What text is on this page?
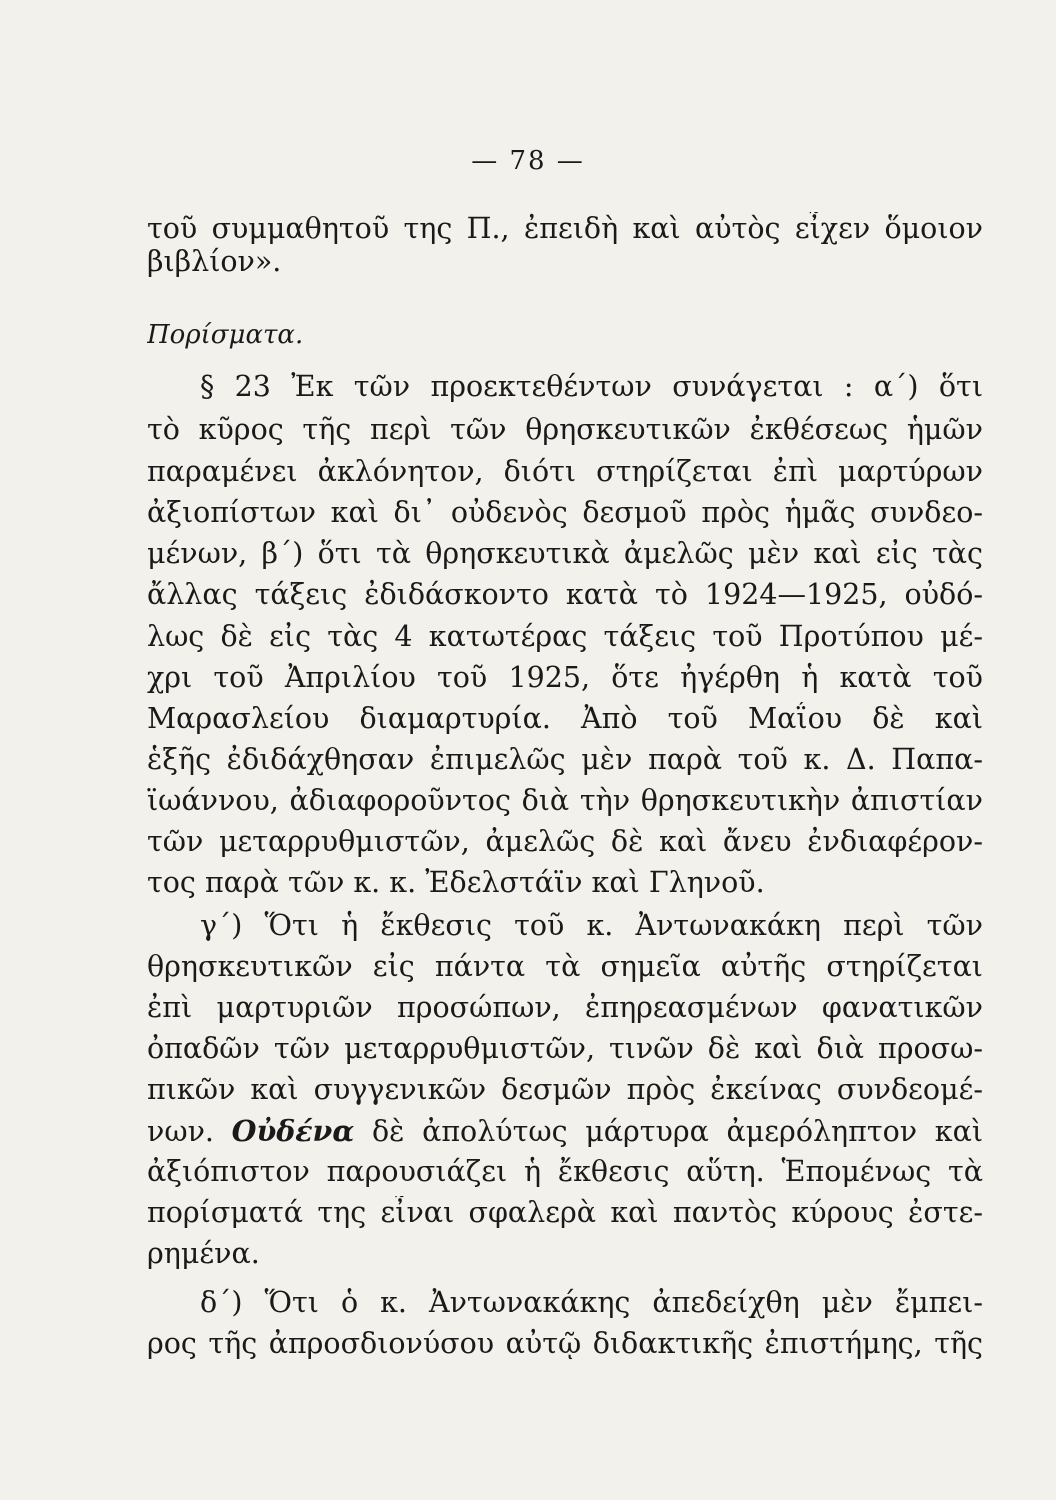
— 78 —
τοῦ συμμαθητοῦ της Π., ἐπειδὴ καὶ αὐτὸς εἶχεν ὅμοιον
βιβλίον».
Πορίσματα.
§ 23 Ἐκ τῶν προεκτεθέντων συνάγεται : α΄) ὅτι
τὸ κῦρος τῆς περὶ τῶν θρησκευτικῶν ἐκθέσεως ἡμῶν
παραμένει ἀκλόνητον, διότι στηρίζεται ἐπὶ μαρτύρων
ἀξιοπίστων καὶ δι᾽ οὐδενὸς δεσμοῦ πρὸς ἡμᾶς συνδεο-
μένων, β΄) ὅτι τὰ θρησκευτικὰ ἀμελῶς μὲν καὶ εἰς τὰς
ἄλλας τάξεις ἐδιδάσκοντο κατὰ τὸ 1924—1925, οὐδό-
λως δὲ εἰς τὰς 4 κατωτέρας τάξεις τοῦ Προτύπου μέ-
χρι τοῦ Ἀπριλίου τοῦ 1925, ὅτε ἠγέρθη ἡ κατὰ τοῦ
Μαρασλείου διαμαρτυρία. Ἀπὸ τοῦ Μαΐου δὲ καὶ
ἑξῆς ἐδιδάχθησαν ἐπιμελῶς μὲν παρὰ τοῦ κ. Δ. Παπα-
ϊωάννου, ἀδιαφοροῦντος διὰ τὴν θρησκευτικὴν ἀπιστίαν
τῶν μεταρρυθμιστῶν, ἀμελῶς δὲ καὶ ἄνευ ἐνδιαφέρον-
τος παρὰ τῶν κ. κ. Ἐδελστάϊν καὶ Γληνοῦ.
γ΄) Ὅτι ἡ ἔκθεσις τοῦ κ. Ἀντωνακάκη περὶ τῶν
θρησκευτικῶν εἰς πάντα τὰ σημεῖα αὐτῆς στηρίζεται
ἐπὶ μαρτυριῶν προσώπων, ἐπηρεασμένων φανατικῶν
ὀπαδῶν τῶν μεταρρυθμιστῶν, τινῶν δὲ καὶ διὰ προσω-
πικῶν καὶ συγγενικῶν δεσμῶν πρὸς ἐκείνας συνδεομέ-
νων. Οὐδένα δὲ ἀπολύτως μάρτυρα ἀμερόληπτον καὶ
ἀξιόπιστον παρουσιάζει ἡ ἔκθεσις αὕτη. Ἑπομένως τὰ
πορίσματά της εἶναι σφαλερὰ καὶ παντὸς κύρους ἐστε-
ρημένα.
δ΄) Ὅτι ὁ κ. Ἀντωνακάκης ἀπεδείχθη μὲν ἔμπει-
ρος τῆς ἀπροσδιονύσου αὐτῷ διδακτικῆς ἐπιστήμης, τῆς
